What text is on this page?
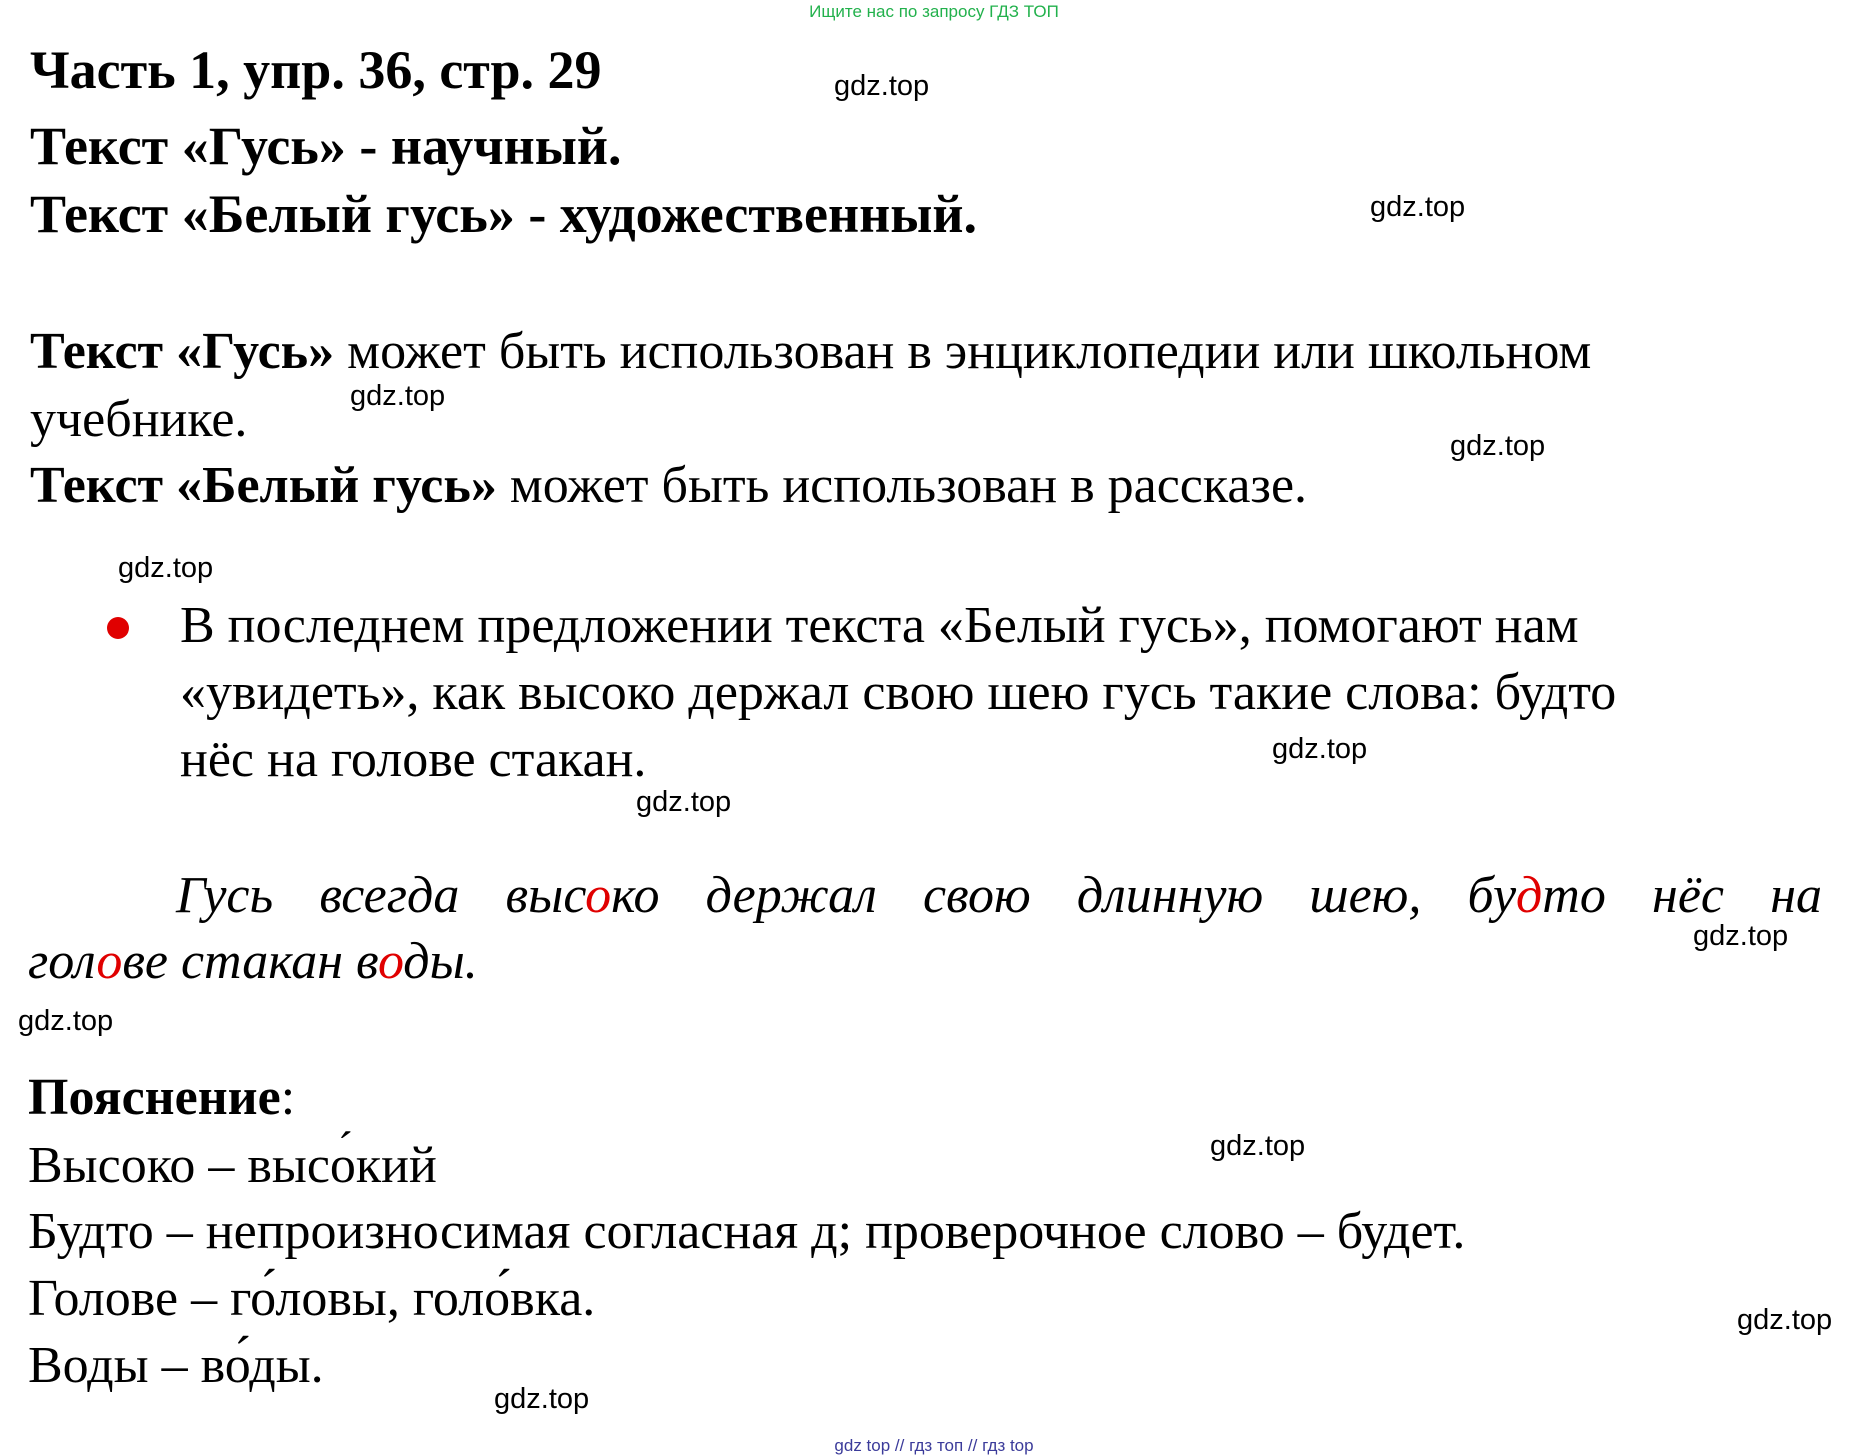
Ищите нас по запросу ГДЗ ТОП
Часть 1, упр. 36, стр. 29
Текст «Гусь» - научный.
Текст «Белый гусь» - художественный.
Текст «Гусь» может быть использован в энциклопедии или школьном
учебнике.
Текст «Белый гусь» может быть использован в рассказе.
В последнем предложении текста «Белый гусь», помогают нам
«увидеть», как высоко держал свою шею гусь такие слова: будто
нёс на голове стакан.
Гусь всегда высоко держал свою длинную шею, будто нёс на
голове стакан воды.
Пояснение:
Высоко – высо ´кий
Будто – непроизносимая согласная д; проверочное слово – будет.
Голове – го́ловы, голо́вка.
Воды – во́ды.
gdz.top
gdz.top
gdz.top
gdz.top
gdz.top
gdz.top
gdz.top
gdz.top
gdz.top
gdz.top
gdz.top
gdz.top
gdz top // гдз топ // гдз top
